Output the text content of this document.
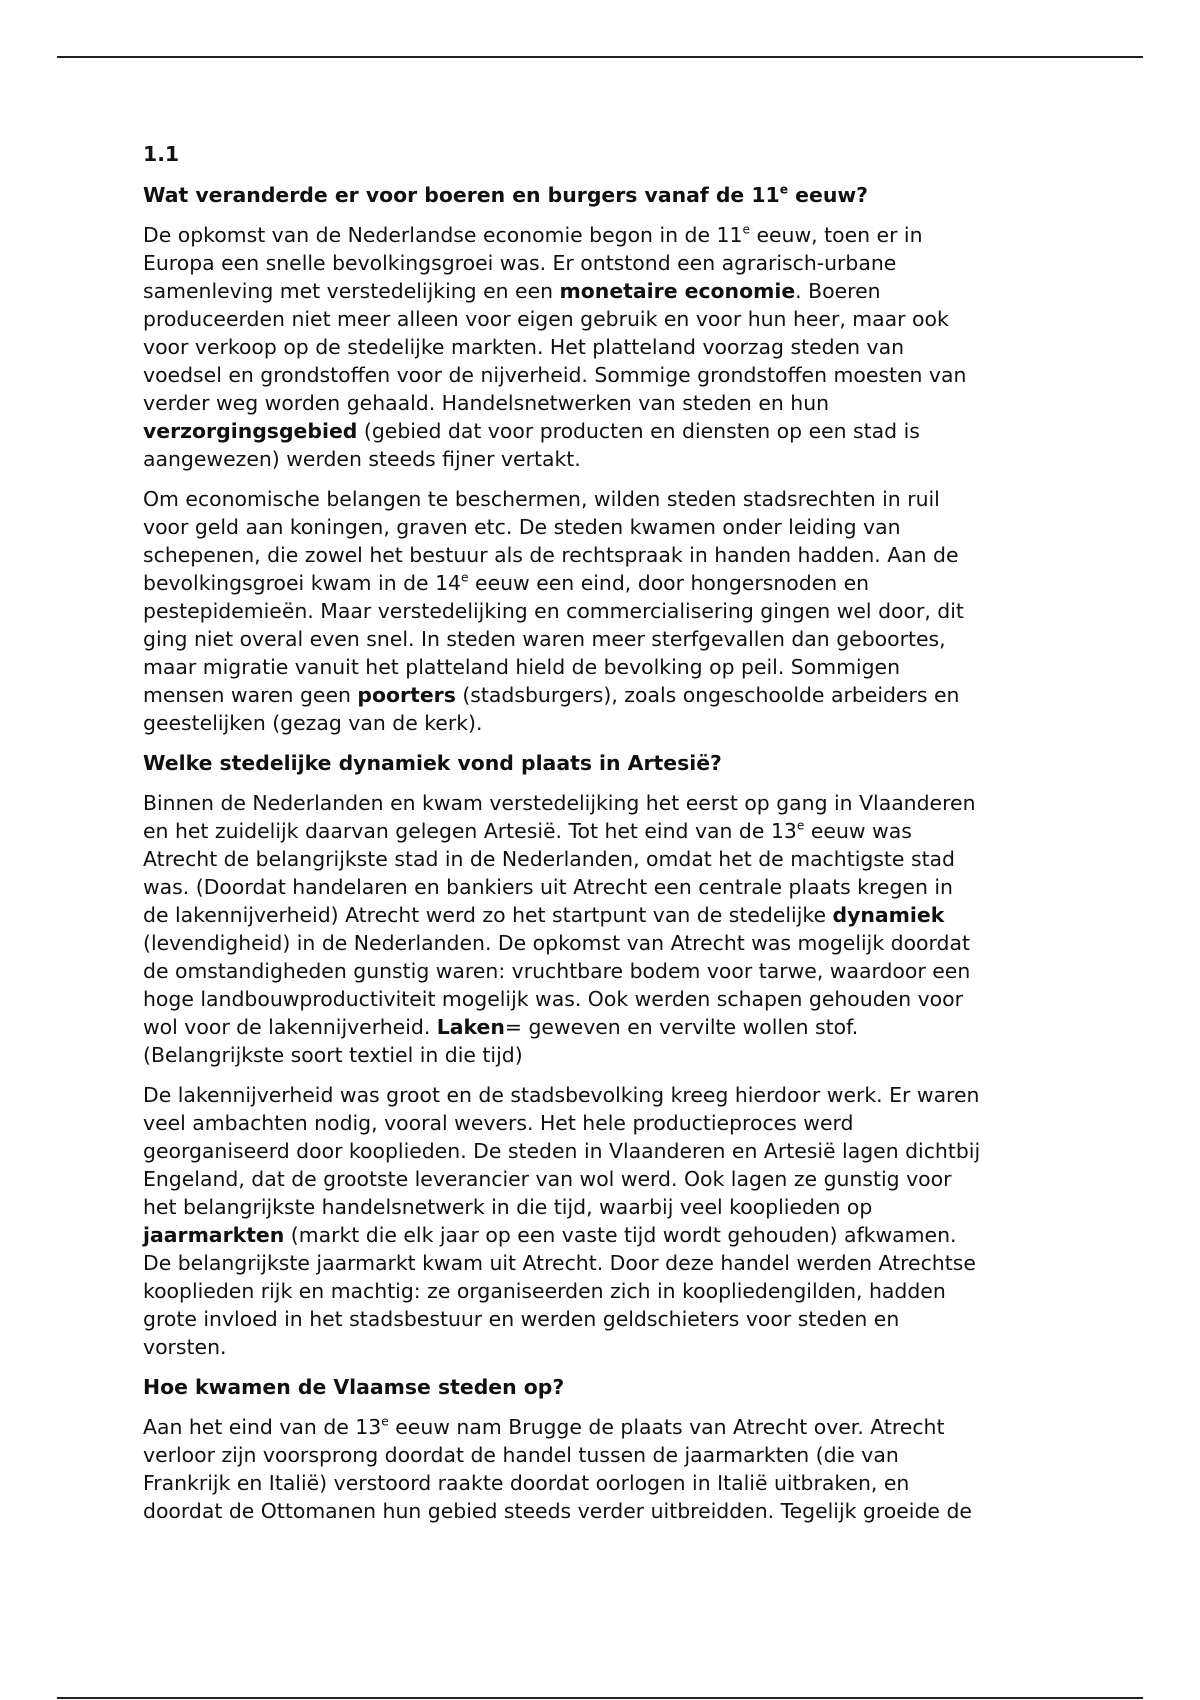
1.1
Wat veranderde er voor boeren en burgers vanaf de 11e eeuw?
De opkomst van de Nederlandse economie begon in de 11e eeuw, toen er in
Europa een snelle bevolkingsgroei was. Er ontstond een agrarisch-urbane
samenleving met verstedelijking en een monetaire economie. Boeren
produceerden niet meer alleen voor eigen gebruik en voor hun heer, maar ook
voor verkoop op de stedelijke markten. Het platteland voorzag steden van
voedsel en grondstoffen voor de nijverheid. Sommige grondstoffen moesten van
verder weg worden gehaald. Handelsnetwerken van steden en hun
verzorgingsgebied (gebied dat voor producten en diensten op een stad is
aangewezen) werden steeds fijner vertakt.
Om economische belangen te beschermen, wilden steden stadsrechten in ruil
voor geld aan koningen, graven etc. De steden kwamen onder leiding van
schepenen, die zowel het bestuur als de rechtspraak in handen hadden. Aan de
bevolkingsgroei kwam in de 14e eeuw een eind, door hongersnoden en
pestepidemieën. Maar verstedelijking en commercialisering gingen wel door, dit
ging niet overal even snel. In steden waren meer sterfgevallen dan geboortes,
maar migratie vanuit het platteland hield de bevolking op peil. Sommigen
mensen waren geen poorters (stadsburgers), zoals ongeschoolde arbeiders en
geestelijken (gezag van de kerk).
Welke stedelijke dynamiek vond plaats in Artesië?
Binnen de Nederlanden en kwam verstedelijking het eerst op gang in Vlaanderen
en het zuidelijk daarvan gelegen Artesië. Tot het eind van de 13e eeuw was
Atrecht de belangrijkste stad in de Nederlanden, omdat het de machtigste stad
was. (Doordat handelaren en bankiers uit Atrecht een centrale plaats kregen in
de lakennijverheid) Atrecht werd zo het startpunt van de stedelijke dynamiek
(levendigheid) in de Nederlanden. De opkomst van Atrecht was mogelijk doordat
de omstandigheden gunstig waren: vruchtbare bodem voor tarwe, waardoor een
hoge landbouwproductiviteit mogelijk was. Ook werden schapen gehouden voor
wol voor de lakennijverheid. Laken= geweven en vervilte wollen stof.
(Belangrijkste soort textiel in die tijd)
De lakennijverheid was groot en de stadsbevolking kreeg hierdoor werk. Er waren
veel ambachten nodig, vooral wevers. Het hele productieproces werd
georganiseerd door kooplieden. De steden in Vlaanderen en Artesië lagen dichtbij
Engeland, dat de grootste leverancier van wol werd. Ook lagen ze gunstig voor
het belangrijkste handelsnetwerk in die tijd, waarbij veel kooplieden op
jaarmarkten (markt die elk jaar op een vaste tijd wordt gehouden) afkwamen.
De belangrijkste jaarmarkt kwam uit Atrecht. Door deze handel werden Atrechtse
kooplieden rijk en machtig: ze organiseerden zich in koopliedengilden, hadden
grote invloed in het stadsbestuur en werden geldschieters voor steden en
vorsten.
Hoe kwamen de Vlaamse steden op?
Aan het eind van de 13e eeuw nam Brugge de plaats van Atrecht over. Atrecht
verloor zijn voorsprong doordat de handel tussen de jaarmarkten (die van
Frankrijk en Italië) verstoord raakte doordat oorlogen in Italië uitbraken, en
doordat de Ottomanen hun gebied steeds verder uitbreidden. Tegelijk groeide de
